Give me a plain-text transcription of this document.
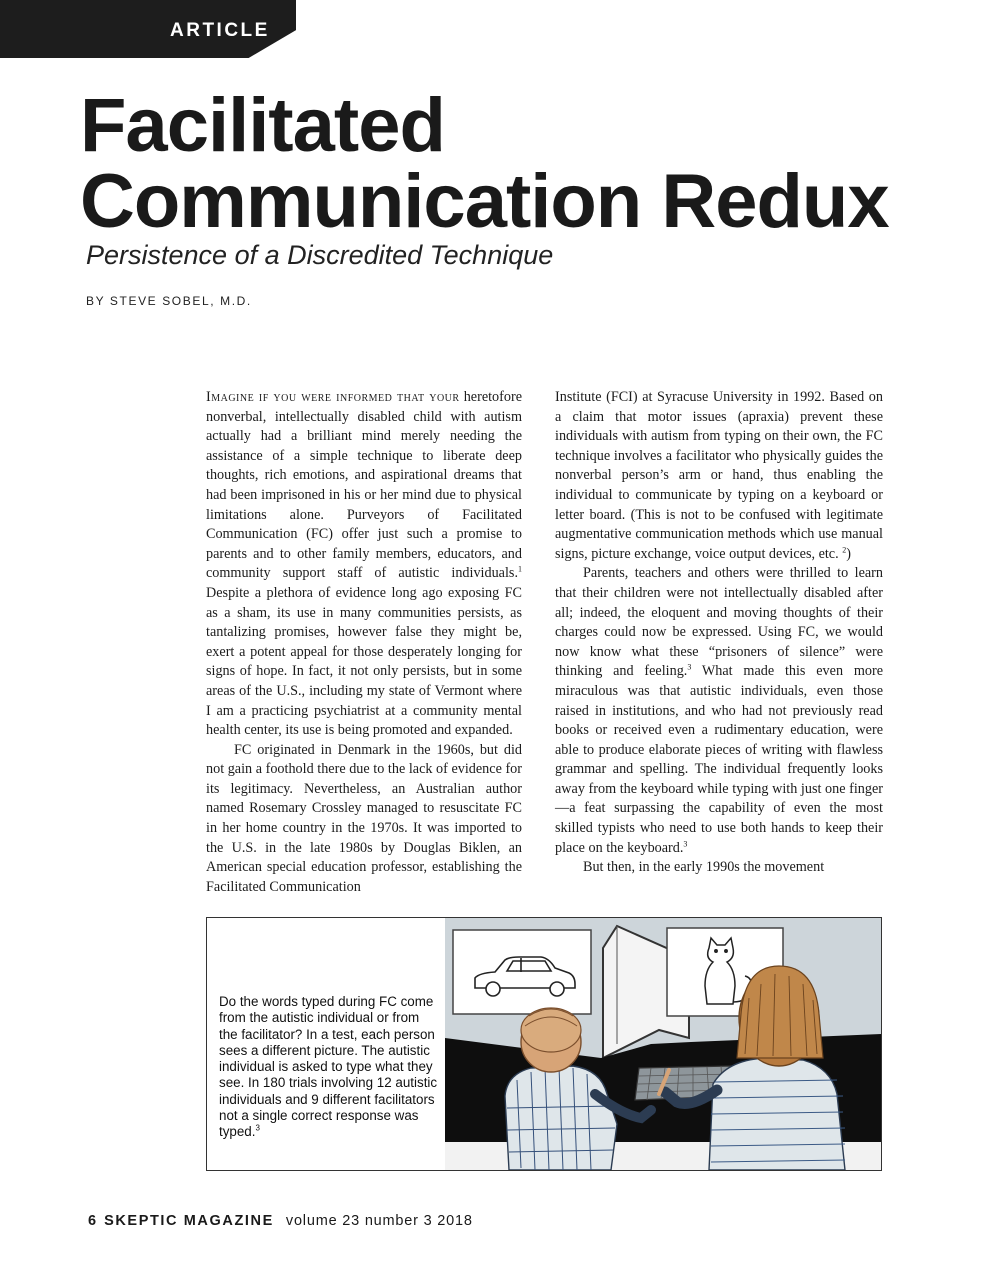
ARTICLE
Facilitated
Communication Redux
Persistence of a Discredited Technique
BY STEVE SOBEL, M.D.

Imagine if you were informed that your heretofore nonverbal, intellectually disabled child with autism actually had a brilliant mind merely needing the assistance of a simple technique to liberate deep thoughts, rich emotions, and aspirational dreams that had been imprisoned in his or her mind due to physical limitations alone. Purveyors of Facilitated Communication (FC) offer just such a promise to parents and to other family members, educators, and community support staff of autistic individuals.$^1$ Despite a plethora of evidence long ago exposing FC as a sham, its use in many communities persists, as tantalizing promises, however false they might be, exert a potent appeal for those desperately longing for signs of hope. In fact, it not only persists, but in some areas of the U.S., including my state of Vermont where I am a practicing psychiatrist at a community mental health center, its use is being promoted and expanded.

FC originated in Denmark in the 1960s, but did not gain a foothold there due to the lack of evidence for its legitimacy. Nevertheless, an Australian author named Rosemary Crossley managed to resuscitate FC in her home country in the 1970s. It was imported to the U.S. in the late 1980s by Douglas Biklen, an American special education professor, establishing the Facilitated Communication

Institute (FCI) at Syracuse University in 1992. Based on a claim that motor issues (apraxia) prevent these individuals with autism from typing on their own, the FC technique involves a facilitator who physically guides the nonverbal person’s arm or hand, thus enabling the individual to communicate by typing on a keyboard or letter board. (This is not to be confused with legitimate augmentative communication methods which use manual signs, picture exchange, voice output devices, etc. $^2$)

Parents, teachers and others were thrilled to learn that their children were not intellectually disabled after all; indeed, the eloquent and moving thoughts of their charges could now be expressed. Using FC, we would now know what these “prisoners of silence” were thinking and feeling.$^3$ What made this even more miraculous was that autistic individuals, even those raised in institutions, and who had not previously read books or received even a rudimentary education, were able to produce elaborate pieces of writing with flawless grammar and spelling. The individual frequently looks away from the keyboard while typing with just one finger—a feat surpassing the capability of even the most skilled typists who need to use both hands to keep their place on the keyboard.$^3$

But then, in the early 1990s the movement

Do the words typed during FC come from the autistic individual or from the facilitator? In a test, each person sees a different picture. The autistic individual is asked to type what they see. In 180 trials involving 12 autistic individuals and 9 different facilitators not a single correct response was typed.$^3$
6 SKEPTIC MAGAZINE volume 23 number 3 2018
